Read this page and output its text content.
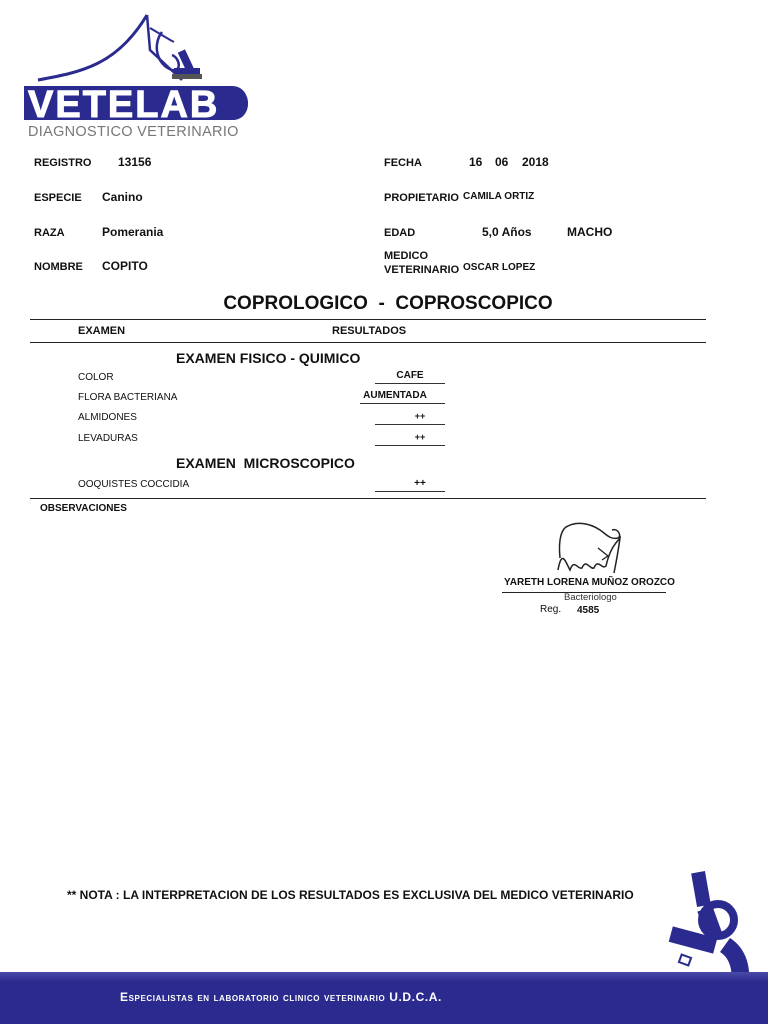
VETELAB
DIAGNOSTICO VETERINARIO
REGISTRO 13156	FECHA	16 06 2018
ESPECIE Canino	PROPIETARIO CAMILA ORTIZ
RAZA	Pomerania	EDAD	5,0 Años	MACHO
NOMBRE COPITO
MEDICO
VETERINARIO OSCAR LOPEZ
COPROLOGICO  -  COPROSCOPICO
EXAMEN	RESULTADOS
EXAMEN FISICO - QUIMICO
COLOR	CAFE
FLORA BACTERIANA	AUMENTADA
ALMIDONES	++
LEVADURAS	++
EXAMEN  MICROSCOPICO
OOQUISTES COCCIDIA	++
OBSERVACIONES
YARETH LORENA MUÑOZ OROZCO
Bacteriologo
Reg. 4585
** NOTA : LA INTERPRETACION DE LOS RESULTADOS ES EXCLUSIVA DEL MEDICO VETERINARIO
Especialistas en laboratorio clinico veterinario U.D.C.A.
